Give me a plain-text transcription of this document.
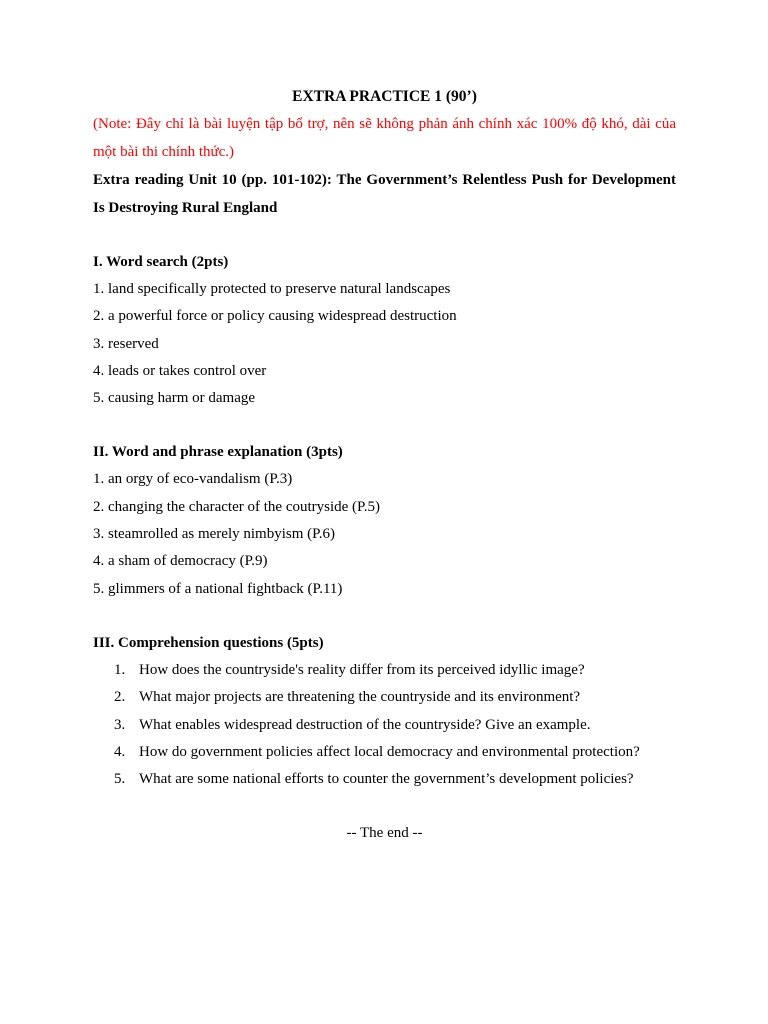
EXTRA PRACTICE 1 (90’)
(Note: Đây chỉ là bài luyện tập bổ trợ, nên sẽ không phản ánh chính xác 100% độ khó, dài của một bài thi chính thức.)
Extra reading Unit 10 (pp. 101-102): The Government’s Relentless Push for Development Is Destroying Rural England
I. Word search (2pts)
1. land specifically protected to preserve natural landscapes
2. a powerful force or policy causing widespread destruction
3. reserved
4. leads or takes control over
5. causing harm or damage
II. Word and phrase explanation (3pts)
1. an orgy of eco-vandalism (P.3)
2. changing the character of the coutryside (P.5)
3. steamrolled as merely nimbyism (P.6)
4. a sham of democracy (P.9)
5. glimmers of a national fightback (P.11)
III. Comprehension questions (5pts)
1. How does the countryside's reality differ from its perceived idyllic image?
2. What major projects are threatening the countryside and its environment?
3. What enables widespread destruction of the countryside? Give an example.
4. How do government policies affect local democracy and environmental protection?
5. What are some national efforts to counter the government’s development policies?
-- The end --
